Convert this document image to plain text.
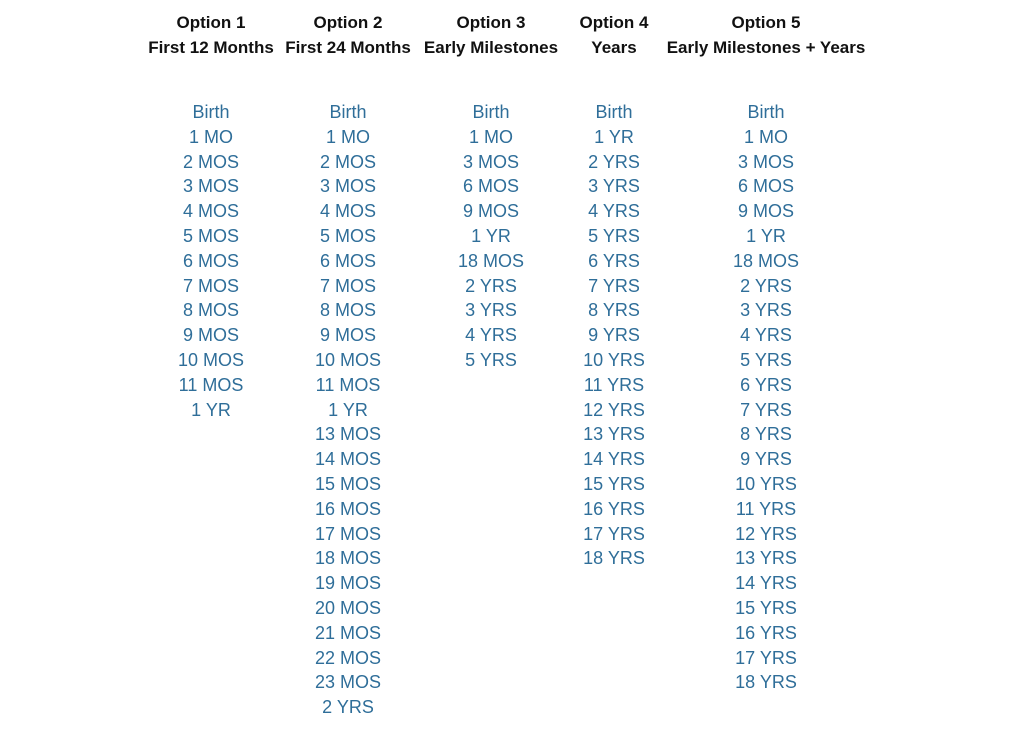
Option 1
First 12 Months
Birth
1 MO
2 MOS
3 MOS
4 MOS
5 MOS
6 MOS
7 MOS
8 MOS
9 MOS
10 MOS
11 MOS
1 YR
Option 2
First 24 Months
Birth
1 MO
2 MOS
3 MOS
4 MOS
5 MOS
6 MOS
7 MOS
8 MOS
9 MOS
10 MOS
11 MOS
1 YR
13 MOS
14 MOS
15 MOS
16 MOS
17 MOS
18 MOS
19 MOS
20 MOS
21 MOS
22 MOS
23 MOS
2 YRS
Option 3
Early Milestones
Birth
1 MO
3 MOS
6 MOS
9 MOS
1 YR
18 MOS
2 YRS
3 YRS
4 YRS
5 YRS
Option 4
Years
Birth
1 YR
2 YRS
3 YRS
4 YRS
5 YRS
6 YRS
7 YRS
8 YRS
9 YRS
10 YRS
11 YRS
12 YRS
13 YRS
14 YRS
15 YRS
16 YRS
17 YRS
18 YRS
Option 5
Early Milestones + Years
Birth
1 MO
3 MOS
6 MOS
9 MOS
1 YR
18 MOS
2 YRS
3 YRS
4 YRS
5 YRS
6 YRS
7 YRS
8 YRS
9 YRS
10 YRS
11 YRS
12 YRS
13 YRS
14 YRS
15 YRS
16 YRS
17 YRS
18 YRS
